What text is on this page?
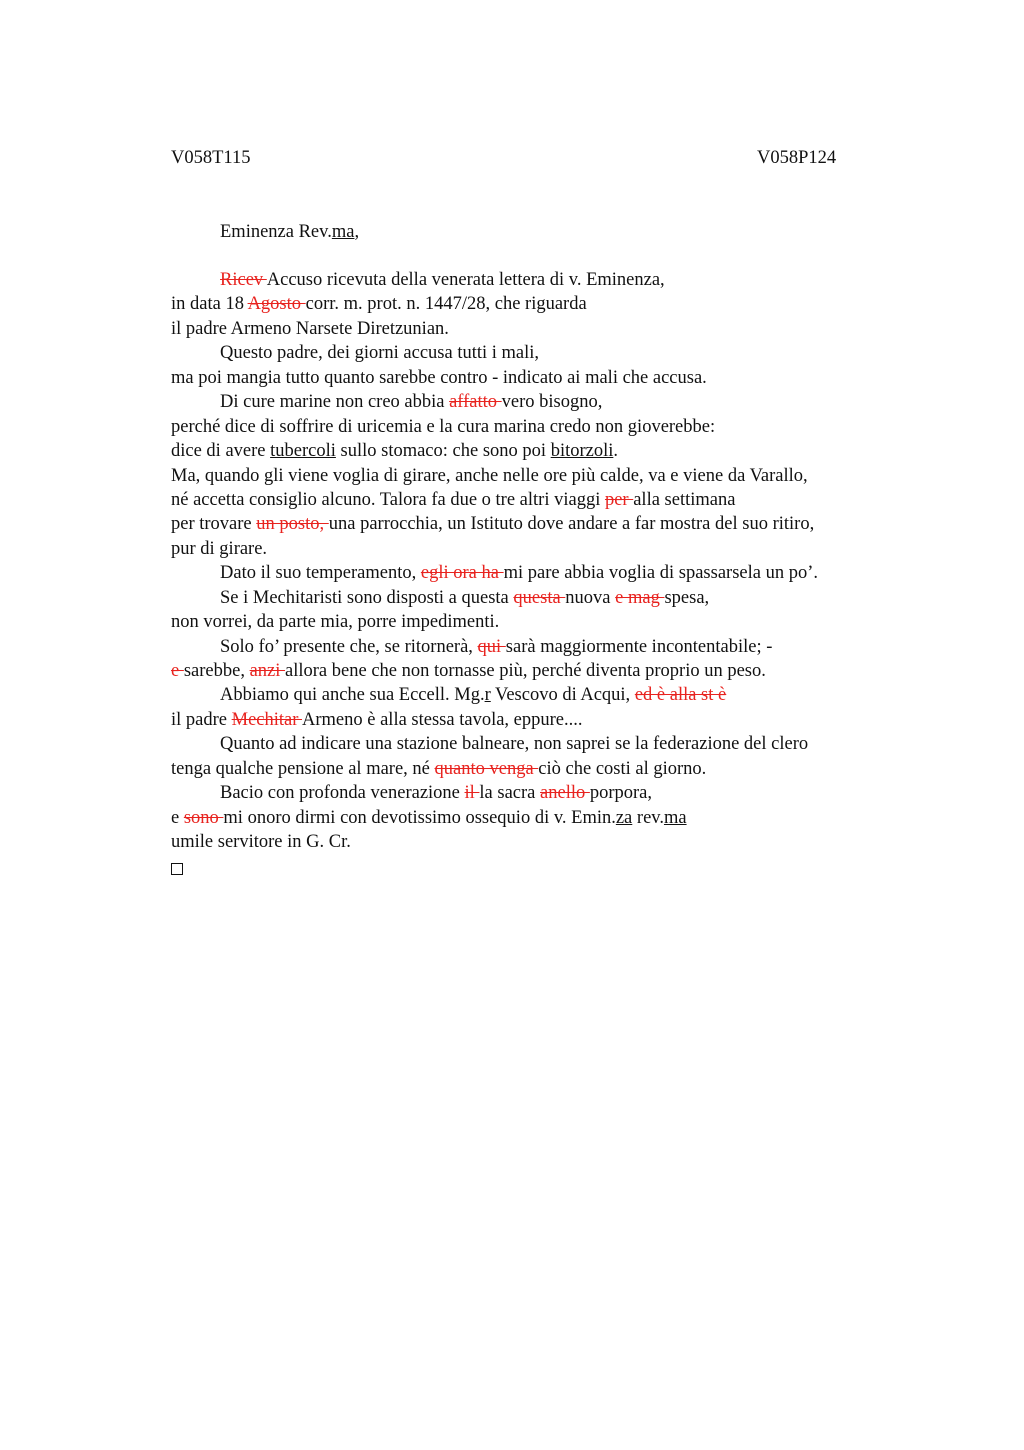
V058T115	V058P124
Eminenza Rev.ma,
Ricev Accuso ricevuta della venerata lettera di v. Eminenza,
in data 18 Agosto corr. m. prot. n. 1447/28, che riguarda
il padre Armeno Narsete Diretzunian.
Questo padre, dei giorni accusa tutti i mali,
ma poi mangia tutto quanto sarebbe contro - indicato ai mali che accusa.
Di cure marine non creo abbia affatto vero bisogno,
perché dice di soffrire di uricemia e la cura marina credo non gioverebbe:
dice di avere tubercoli sullo stomaco: che sono poi bitorzoli.
Ma, quando gli viene voglia di girare, anche nelle ore più calde, va e viene da Varallo,
né accetta consiglio alcuno. Talora fa due o tre altri viaggi per alla settimana
per trovare un posto, una parrocchia, un Istituto dove andare a far mostra del suo ritiro,
pur di girare.
Dato il suo temperamento, egli ora ha mi pare abbia voglia di spassarsela un po’.
Se i Mechitaristi sono disposti a questa questa nuova e mag spesa,
non vorrei, da parte mia, porre impedimenti.
Solo fo’ presente che, se ritornerà, qui sarà maggiormente incontentabile; -
e sarebbe, anzi allora bene che non tornasse più, perché diventa proprio un peso.
Abbiamo qui anche sua Eccell. Mg.r Vescovo di Acqui, ed è alla st è
il padre Mechitar Armeno è alla stessa tavola, eppure....
Quanto ad indicare una stazione balneare, non saprei se la federazione del clero
tenga qualche pensione al mare, né quanto venga ciò che costi al giorno.
Bacio con profonda venerazione il la sacra anello porpora,
e sono mi onoro dirmi con devotissimo ossequio di v. Emin.za rev.ma
umile servitore in G. Cr.
